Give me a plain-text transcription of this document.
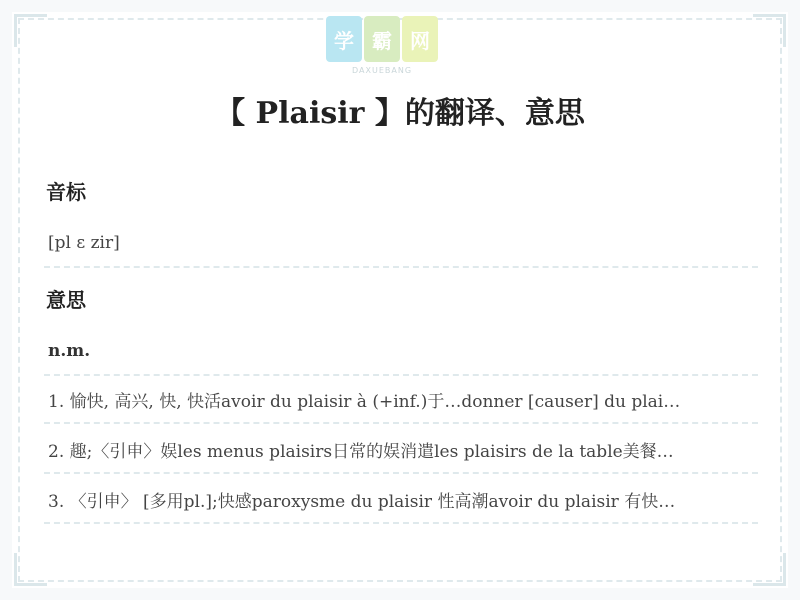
学 霸 网
DAXUEBANG
【 Plaisir 】的翻译、意思
音标
[pl ɛ zir]
意思
n.m.
1. 愉快, 高兴, 快, 快活avoir du plaisir à (+inf.)于…donner [causer] du plai…
2. 趣;〈引申〉娱les menus plaisirs日常的娱消遣les plaisirs de la table美餐…
3. 〈引申〉 [多用pl.];快感paroxysme du plaisir 性高潮avoir du plaisir 有快…
